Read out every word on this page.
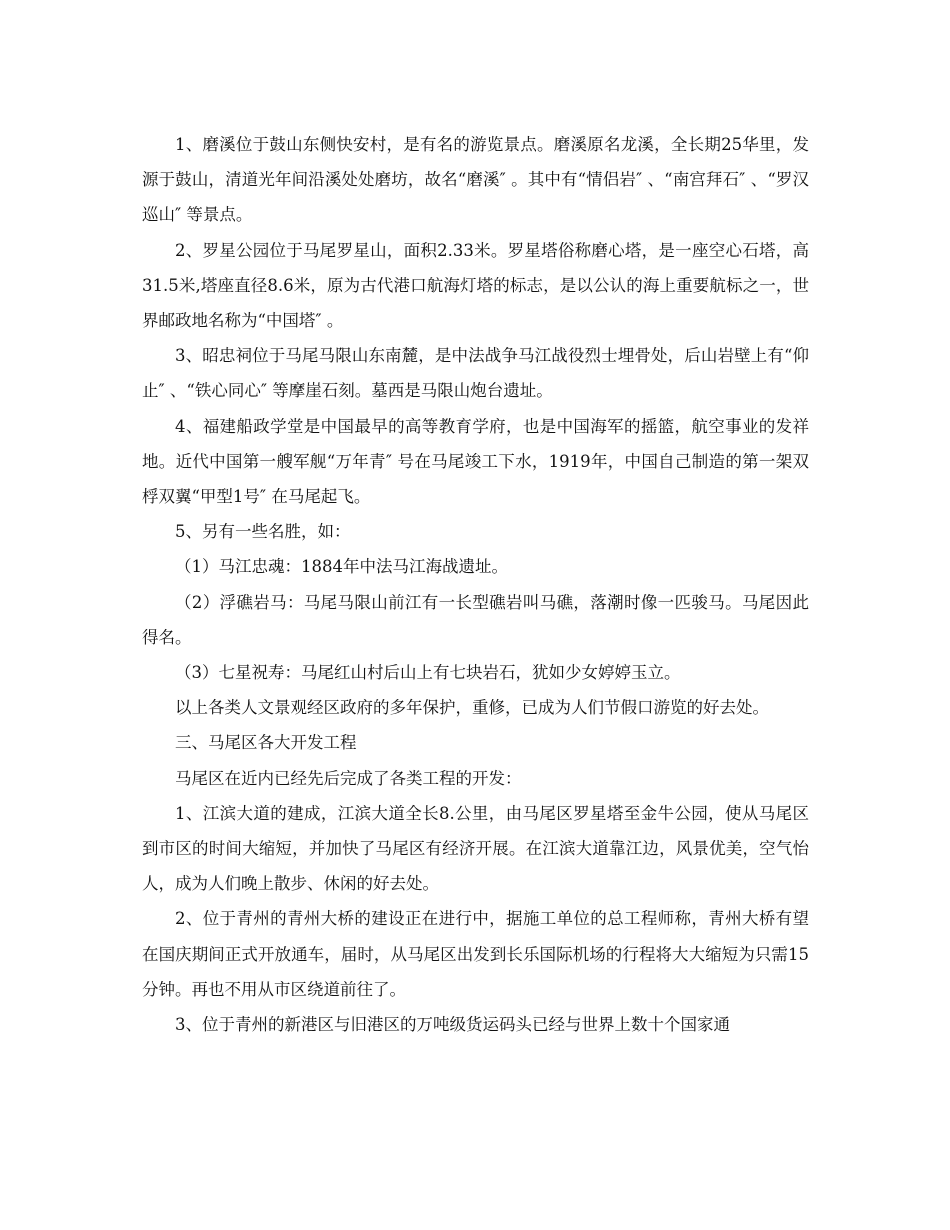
1、磨溪位于鼓山东侧快安村，是有名的游览景点。磨溪原名龙溪，全长期25华里，发源于鼓山，清道光年间沿溪处处磨坊，故名“磨溪″ 。其中有“情侣岩″ 、“南宫拜石″ 、“罗汉巡山″ 等景点。

2、罗星公园位于马尾罗星山，面积2.33米。罗星塔俗称磨心塔，是一座空心石塔，高31.5米,塔座直径8.6米，原为古代港口航海灯塔的标志，是以公认的海上重要航标之一，世界邮政地名称为“中国塔″ 。

3、昭忠祠位于马尾马限山东南麓，是中法战争马江战役烈士埋骨处，后山岩壁上有“仰止″ 、“铁心同心″ 等摩崖石刻。墓西是马限山炮台遗址。

4、福建船政学堂是中国最早的高等教育学府，也是中国海军的摇篮，航空事业的发祥地。近代中国第一艘军舰“万年青″ 号在马尾竣工下水，1919年，中国自己制造的第一架双桴双翼“甲型1号″ 在马尾起飞。

5、另有一些名胜，如：

（1）马江忠魂：1884年中法马江海战遗址。

（2）浮礁岩马：马尾马限山前江有一长型礁岩叫马礁，落潮时像一匹骏马。马尾因此得名。

（3）七星祝寿：马尾红山村后山上有七块岩石，犹如少女婷婷玉立。

以上各类人文景观经区政府的多年保护，重修，已成为人们节假口游览的好去处。

三、马尾区各大开发工程

马尾区在近内已经先后完成了各类工程的开发：

1、江滨大道的建成，江滨大道全长8.公里，由马尾区罗星塔至金牛公园，使从马尾区到市区的时间大缩短，并加快了马尾区有经济开展。在江滨大道靠江边，风景优美，空气怡人，成为人们晚上散步、休闲的好去处。

2、位于青州的青州大桥的建设正在进行中，据施工单位的总工程师称，青州大桥有望在国庆期间正式开放通车，届时，从马尾区出发到长乐国际机场的行程将大大缩短为只需15分钟。再也不用从市区绕道前往了。

3、位于青州的新港区与旧港区的万吨级货运码头已经与世界上数十个国家通
